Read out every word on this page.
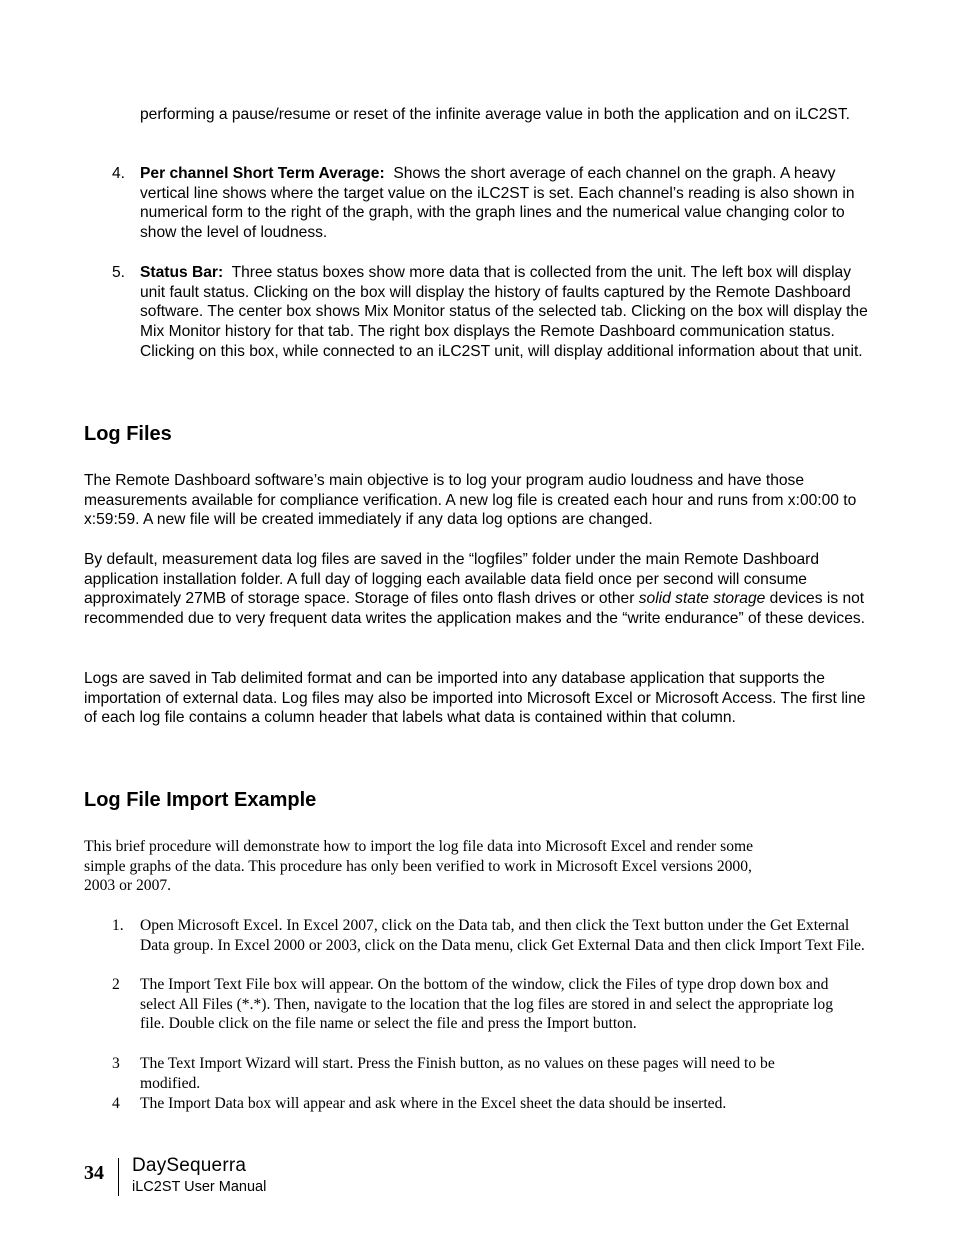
performing a pause/resume or reset of the infinite average value in both the application and on iLC2ST.

4. Per channel Short Term Average: Shows the short average of each channel on the graph. A heavy vertical line shows where the target value on the iLC2ST is set. Each channel’s reading is also shown in numerical form to the right of the graph, with the graph lines and the numerical value changing color to show the level of loudness.

5. Status Bar: Three status boxes show more data that is collected from the unit. The left box will display unit fault status. Clicking on the box will display the history of faults captured by the Remote Dashboard software. The center box shows Mix Monitor status of the selected tab. Clicking on the box will display the Mix Monitor history for that tab. The right box displays the Remote Dashboard communication status. Clicking on this box, while connected to an iLC2ST unit, will display additional information about that unit.

Log Files

The Remote Dashboard software’s main objective is to log your program audio loudness and have those measurements available for compliance verification. A new log file is created each hour and runs from x:00:00 to x:59:59. A new file will be created immediately if any data log options are changed.

By default, measurement data log files are saved in the “logfiles” folder under the main Remote Dashboard application installation folder. A full day of logging each available data field once per second will consume approximately 27MB of storage space. Storage of files onto flash drives or other solid state storage devices is not recommended due to very frequent data writes the application makes and the “write endurance” of these devices.

Logs are saved in Tab delimited format and can be imported into any database application that supports the importation of external data. Log files may also be imported into Microsoft Excel or Microsoft Access. The first line of each log file contains a column header that labels what data is contained within that column.

Log File Import Example

This brief procedure will demonstrate how to import the log file data into Microsoft Excel and render some simple graphs of the data. This procedure has only been verified to work in Microsoft Excel versions 2000, 2003 or 2007.

1. Open Microsoft Excel. In Excel 2007, click on the Data tab, and then click the Text button under the Get External Data group. In Excel 2000 or 2003, click on the Data menu, click Get External Data and then click Import Text File.

2 The Import Text File box will appear. On the bottom of the window, click the Files of type drop down box and select All Files (*.*). Then, navigate to the location that the log files are stored in and select the appropriate log file. Double click on the file name or select the file and press the Import button.

3 The Text Import Wizard will start. Press the Finish button, as no values on these pages will need to be modified.

4 The Import Data box will appear and ask where in the Excel sheet the data should be inserted.

34 DaySequerra
iLC2ST User Manual
